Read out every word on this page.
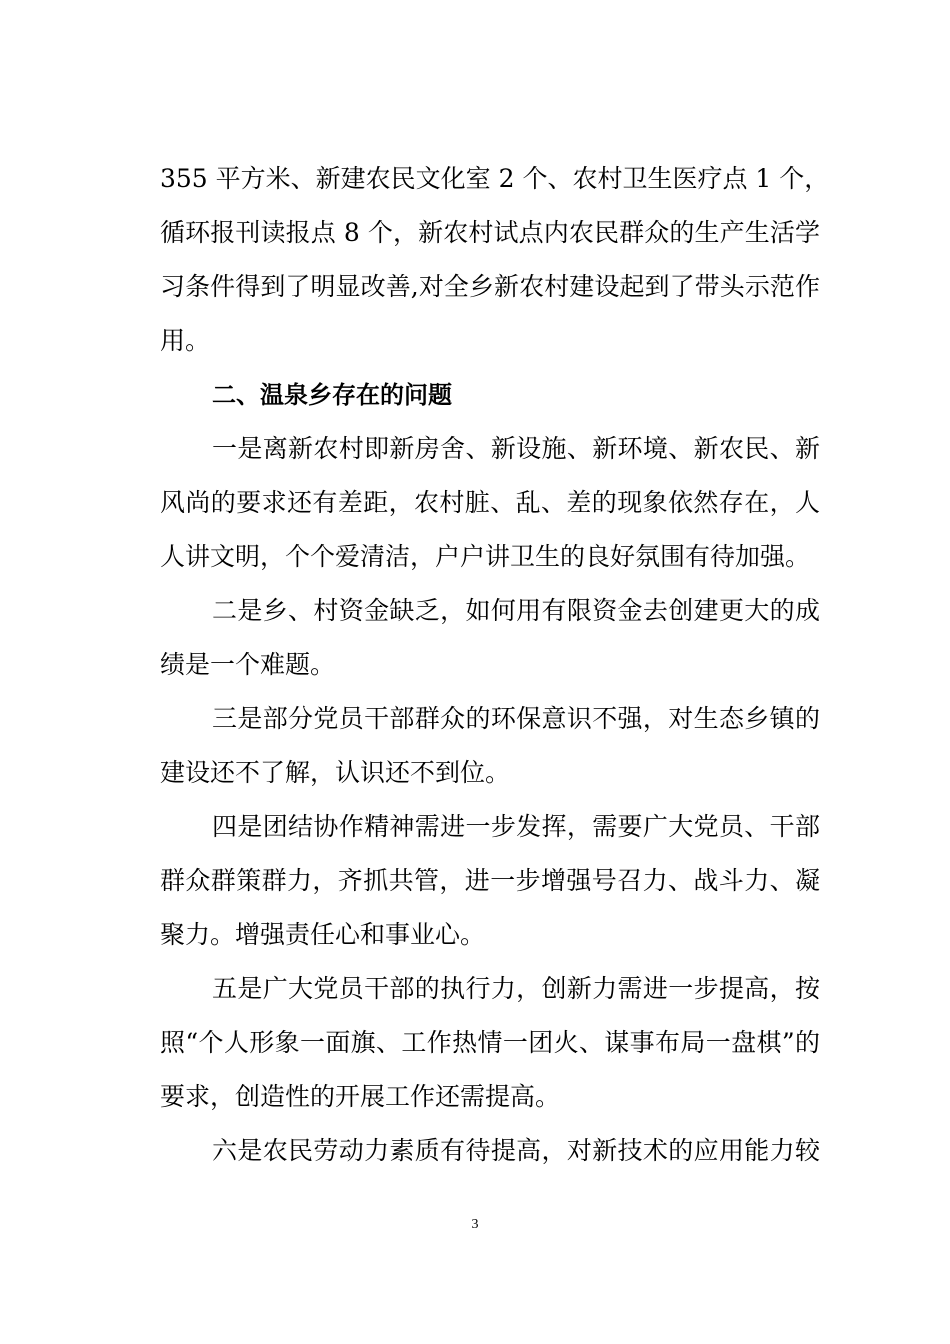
355 平方米、新建农民文化室 2 个、农村卫生医疗点 1 个，
循环报刊读报点 8 个，新农村试点内农民群众的生产生活学
习条件得到了明显改善,对全乡新农村建设起到了带头示范作
用。
二、温泉乡存在的问题
一是离新农村即新房舍、新设施、新环境、新农民、新
风尚的要求还有差距，农村脏、乱、差的现象依然存在，人
人讲文明，个个爱清洁，户户讲卫生的良好氛围有待加强。
二是乡、村资金缺乏，如何用有限资金去创建更大的成
绩是一个难题。
三是部分党员干部群众的环保意识不强，对生态乡镇的
建设还不了解，认识还不到位。
四是团结协作精神需进一步发挥，需要广大党员、干部
群众群策群力，齐抓共管，进一步增强号召力、战斗力、凝
聚力。增强责任心和事业心。
五是广大党员干部的执行力，创新力需进一步提高，按
照“个人形象一面旗、工作热情一团火、谋事布局一盘棋”的
要求，创造性的开展工作还需提高。
六是农民劳动力素质有待提高，对新技术的应用能力较
3
